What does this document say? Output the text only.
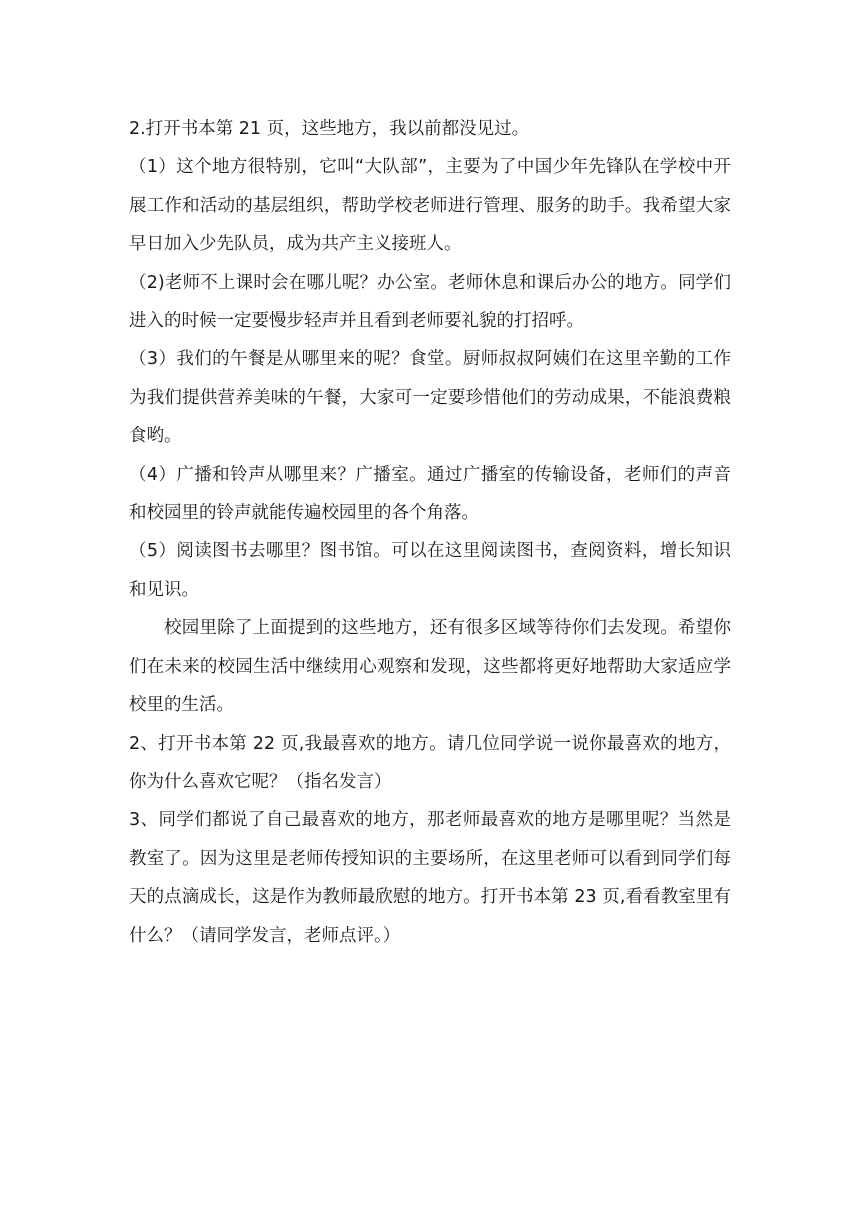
2.打开书本第 21 页，这些地方，我以前都没见过。

（1）这个地方很特别，它叫“大队部”，主要为了中国少年先锋队在学校中开展工作和活动的基层组织，帮助学校老师进行管理、服务的助手。我希望大家早日加入少先队员，成为共产主义接班人。

（2)老师不上课时会在哪儿呢？办公室。老师休息和课后办公的地方。同学们进入的时候一定要慢步轻声并且看到老师要礼貌的打招呼。

（3）我们的午餐是从哪里来的呢？食堂。厨师叔叔阿姨们在这里辛勤的工作为我们提供营养美味的午餐，大家可一定要珍惜他们的劳动成果，不能浪费粮食哟。

（4）广播和铃声从哪里来？广播室。通过广播室的传输设备，老师们的声音和校园里的铃声就能传遍校园里的各个角落。

（5）阅读图书去哪里？图书馆。可以在这里阅读图书，查阅资料，增长知识和见识。

校园里除了上面提到的这些地方，还有很多区域等待你们去发现。希望你们在未来的校园生活中继续用心观察和发现，这些都将更好地帮助大家适应学校里的生活。

2、打开书本第 22 页,我最喜欢的地方。请几位同学说一说你最喜欢的地方，你为什么喜欢它呢？（指名发言）

3、同学们都说了自己最喜欢的地方，那老师最喜欢的地方是哪里呢？当然是教室了。因为这里是老师传授知识的主要场所，在这里老师可以看到同学们每天的点滴成长，这是作为教师最欣慰的地方。打开书本第 23 页,看看教室里有什么？（请同学发言，老师点评。）
